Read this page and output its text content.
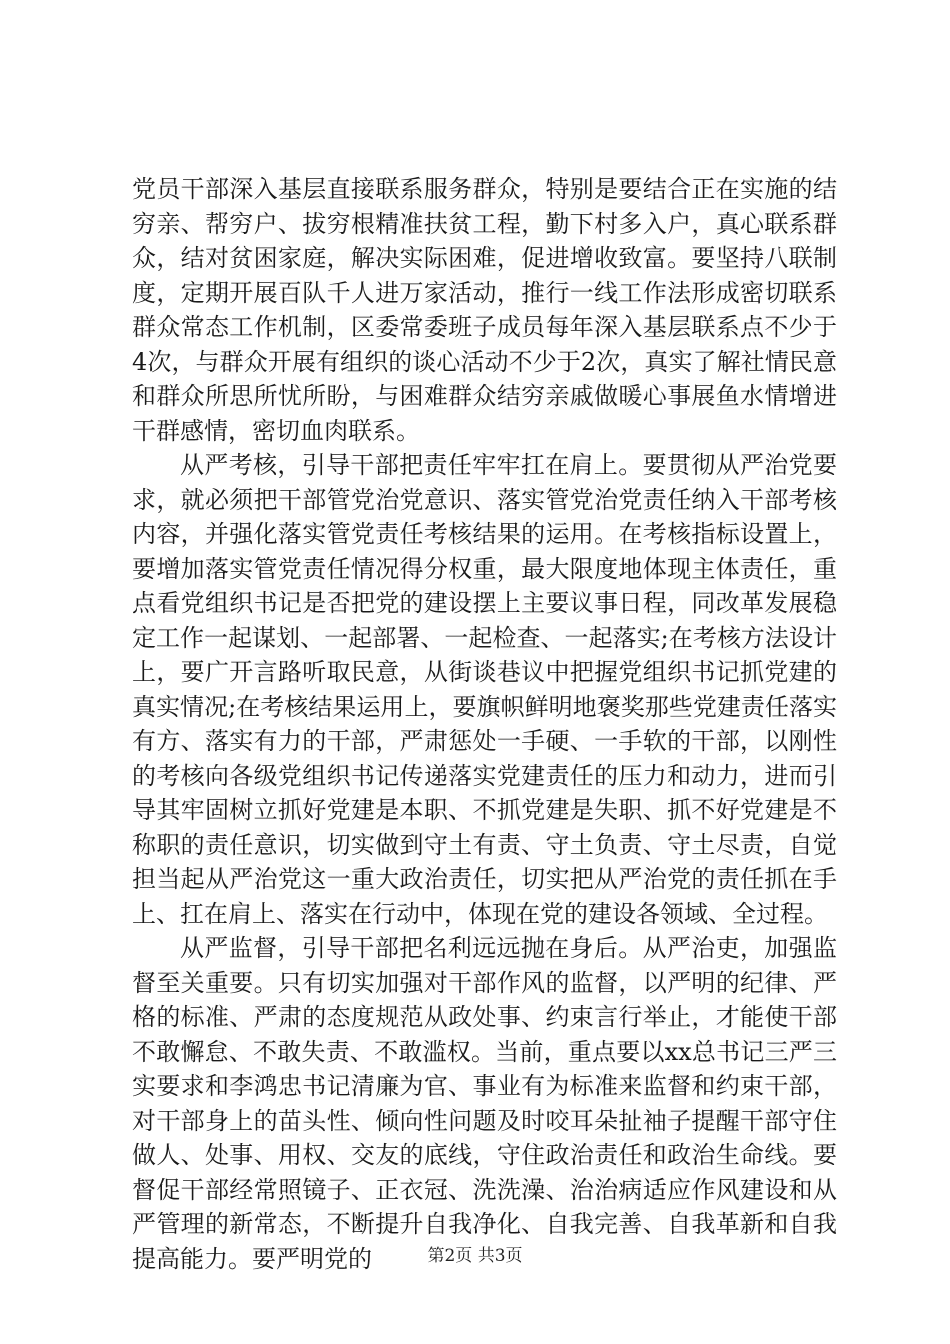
党员干部深入基层直接联系服务群众，特别是要结合正在实施的结穷亲、帮穷户、拔穷根精准扶贫工程，勤下村多入户，真心联系群众，结对贫困家庭，解决实际困难，促进增收致富。要坚持八联制度，定期开展百队千人进万家活动，推行一线工作法形成密切联系群众常态工作机制，区委常委班子成员每年深入基层联系点不少于4次，与群众开展有组织的谈心活动不少于2次，真实了解社情民意和群众所思所忧所盼，与困难群众结穷亲戚做暖心事展鱼水情增进干群感情，密切血肉联系。

从严考核，引导干部把责任牢牢扛在肩上。要贯彻从严治党要求，就必须把干部管党治党意识、落实管党治党责任纳入干部考核内容，并强化落实管党责任考核结果的运用。在考核指标设置上，要增加落实管党责任情况得分权重，最大限度地体现主体责任，重点看党组织书记是否把党的建设摆上主要议事日程，同改革发展稳定工作一起谋划、一起部署、一起检查、一起落实;在考核方法设计上，要广开言路听取民意，从街谈巷议中把握党组织书记抓党建的真实情况;在考核结果运用上，要旗帜鲜明地褒奖那些党建责任落实有方、落实有力的干部，严肃惩处一手硬、一手软的干部，以刚性的考核向各级党组织书记传递落实党建责任的压力和动力，进而引导其牢固树立抓好党建是本职、不抓党建是失职、抓不好党建是不称职的责任意识，切实做到守土有责、守土负责、守土尽责，自觉担当起从严治党这一重大政治责任，切实把从严治党的责任抓在手上、扛在肩上、落实在行动中，体现在党的建设各领域、全过程。

从严监督，引导干部把名利远远抛在身后。从严治吏，加强监督至关重要。只有切实加强对干部作风的监督，以严明的纪律、严格的标准、严肃的态度规范从政处事、约束言行举止，才能使干部不敢懈怠、不敢失责、不敢滥权。当前，重点要以xx总书记三严三实要求和李鸿忠书记清廉为官、事业有为标准来监督和约束干部，对干部身上的苗头性、倾向性问题及时咬耳朵扯袖子提醒干部守住做人、处事、用权、交友的底线，守住政治责任和政治生命线。要督促干部经常照镜子、正衣冠、洗洗澡、治治病适应作风建设和从严管理的新常态，不断提升自我净化、自我完善、自我革新和自我提高能力。要严明党的	第2页 共3页
